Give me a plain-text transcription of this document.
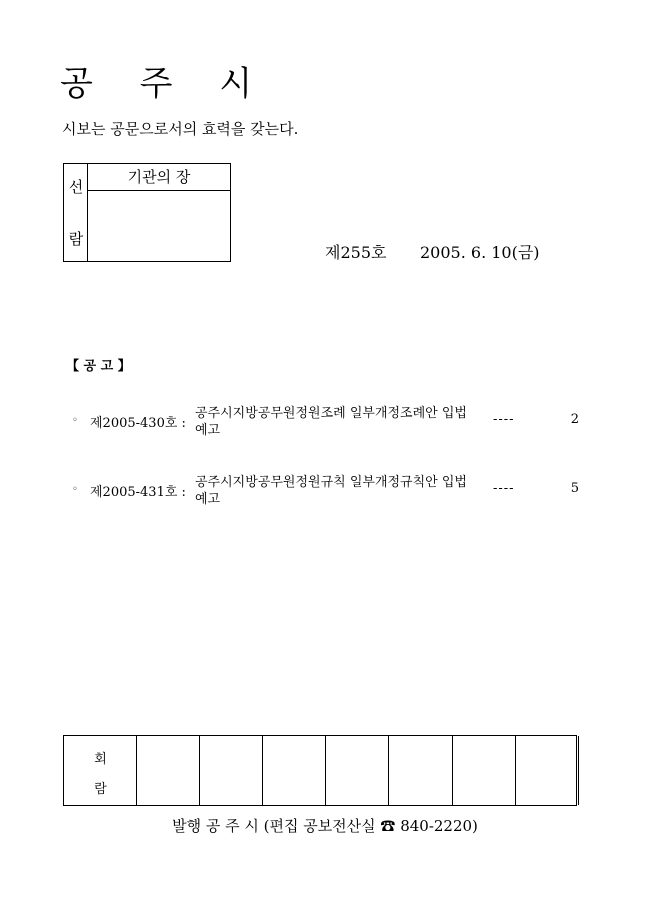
공 주 시
시보는 공문으로서의 효력을 갖는다.
선
람
기관의 장
제255호 2005. 6. 10(금)
【 공 고 】
◦ 제2005-430호 :
공주시지방공무원정원조례 일부개정조례안 입법예고
----	2
◦ 제2005-431호 :
공주시지방공무원정원규칙 일부개정규칙안 입법예고
----	5
회
람
발행 공 주 시 (편집 공보전산실 ☎ 840-2220)
